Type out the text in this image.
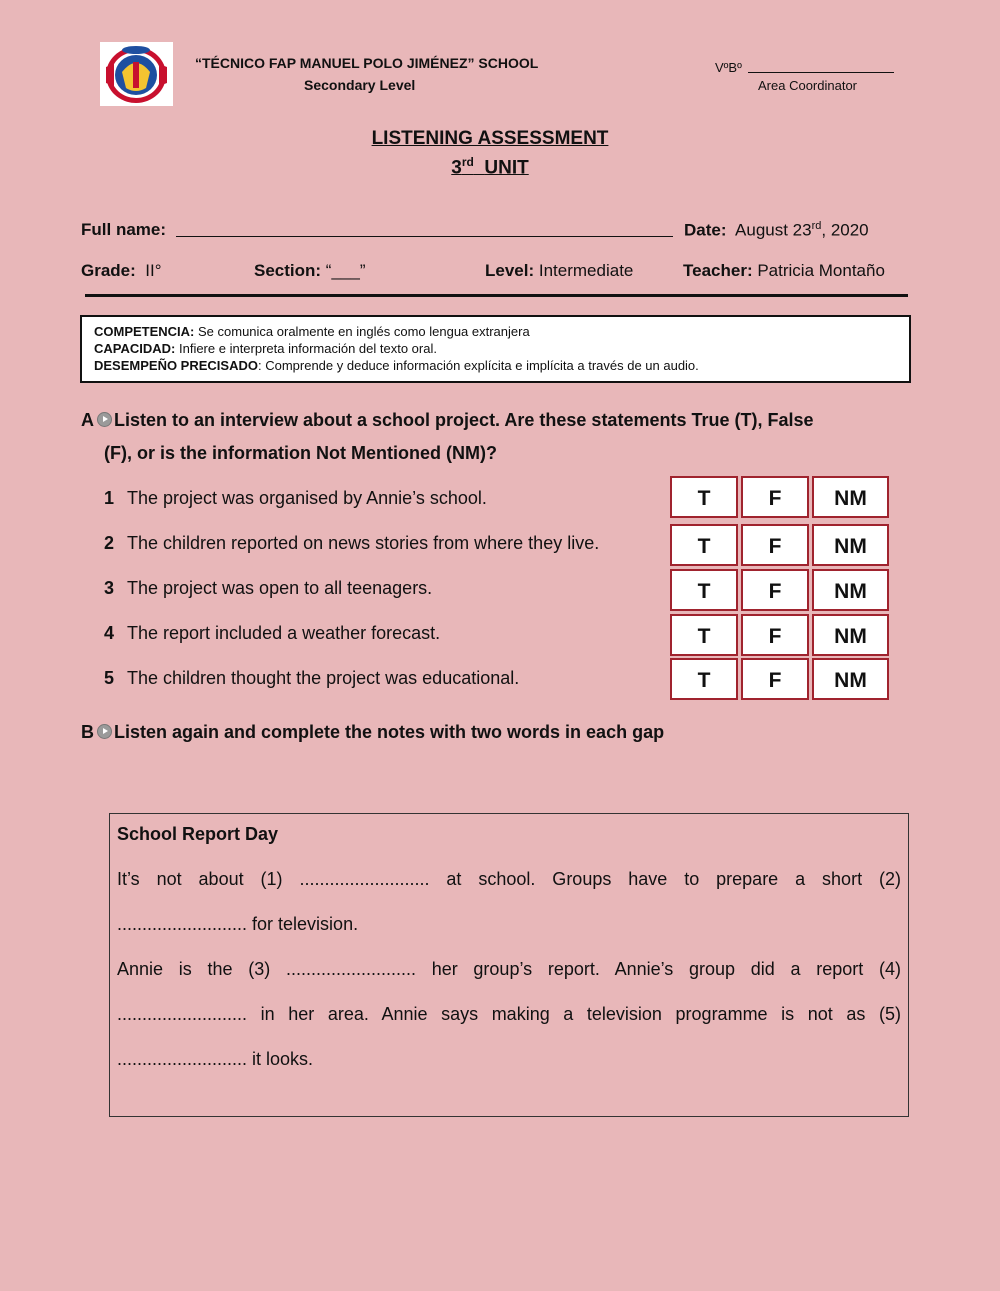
“TÉCNICO FAP MANUEL POLO JIMÉNEZ” SCHOOL
Secondary Level
VºBº
Area Coordinator
LISTENING ASSESSMENT
3rd UNIT
Full name:	Date: August 23rd, 2020
Grade: II°	Section: “___”	Level: Intermediate	Teacher: Patricia Montaño
COMPETENCIA: Se comunica oralmente en inglés como lengua extranjera
CAPACIDAD: Infiere e interpreta información del texto oral.
DESEMPEÑO PRECISADO: Comprende y deduce información explícita e implícita a través de un audio.
A Listen to an interview about a school project. Are these statements True (T), False
(F), or is the information Not Mentioned (NM)?
1 The project was organised by Annie’s school.
2 The children reported on news stories from where they live.
3 The project was open to all teenagers.
4 The report included a weather forecast.
5 The children thought the project was educational.
T	F	NM
T	F	NM
T	F	NM
T	F	NM
T	F	NM
B Listen again and complete the notes with two words in each gap
School Report Day
It’s not about (1) .......................... at school. Groups have to prepare a short (2)
.......................... for television.
Annie is the (3) .......................... her group’s report. Annie’s group did a report (4)
.......................... in her area. Annie says making a television programme is not as (5)
.......................... it looks.
